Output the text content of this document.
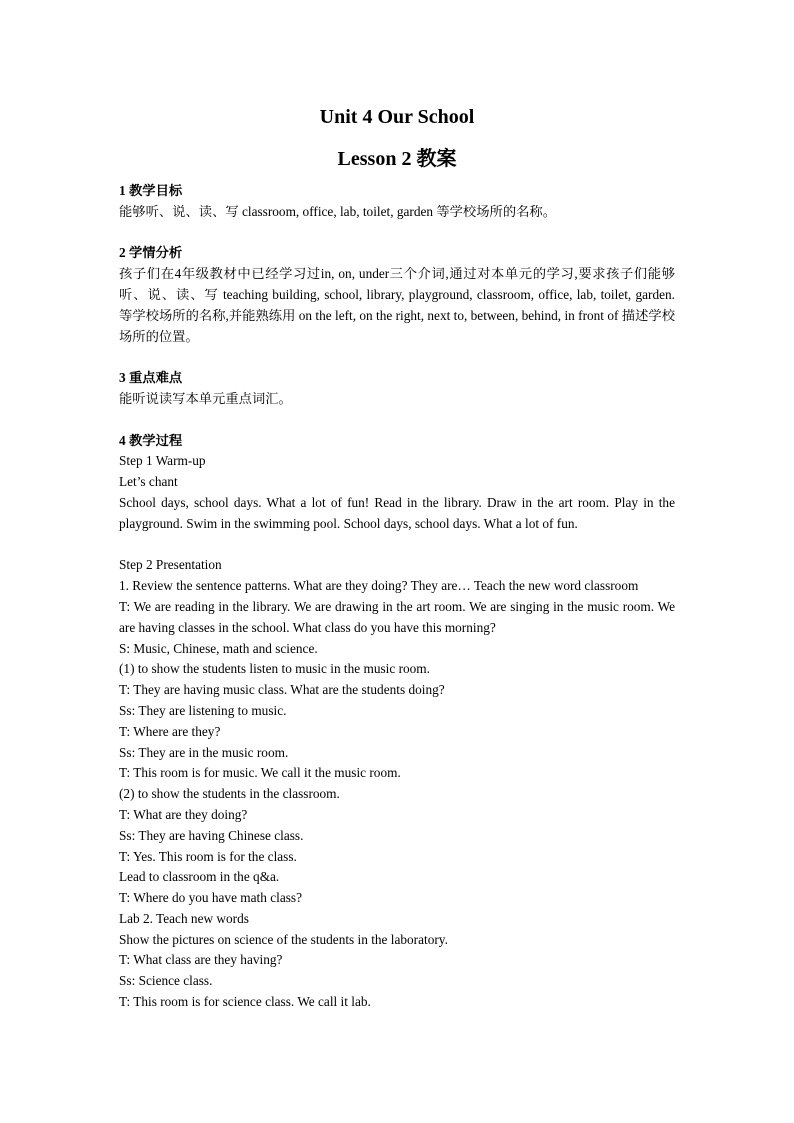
Unit 4 Our School
Lesson 2 教案
1 教学目标
能够听、说、读、写 classroom, office, lab, toilet, garden 等学校场所的名称。
2 学情分析
孩子们在4年级教材中已经学习过in, on, under三个介词,通过对本单元的学习,要求孩子们能够听、说、读、写 teaching building, school, library, playground, classroom, office, lab, toilet, garden. 等学校场所的名称,并能熟练用 on the left, on the right, next to, between, behind, in front of 描述学校场所的位置。
3 重点难点
能听说读写本单元重点词汇。
4 教学过程
Step 1 Warm-up
Let’s chant
School days, school days. What a lot of fun! Read in the library. Draw in the art room. Play in the playground. Swim in the swimming pool. School days, school days. What a lot of fun.
Step 2 Presentation
1. Review the sentence patterns. What are they doing? They are… Teach the new word classroom
T: We are reading in the library. We are drawing in the art room. We are singing in the music room. We are having classes in the school. What class do you have this morning?
S: Music, Chinese, math and science.
(1) to show the students listen to music in the music room.
T: They are having music class. What are the students doing?
Ss: They are listening to music.
T: Where are they?
Ss: They are in the music room.
T: This room is for music. We call it the music room.
(2) to show the students in the classroom.
T: What are they doing?
Ss: They are having Chinese class.
T: Yes. This room is for the class.
Lead to classroom in the q&a.
T: Where do you have math class?
Lab 2. Teach new words
Show the pictures on science of the students in the laboratory.
T: What class are they having?
Ss: Science class.
T: This room is for science class. We call it lab.
